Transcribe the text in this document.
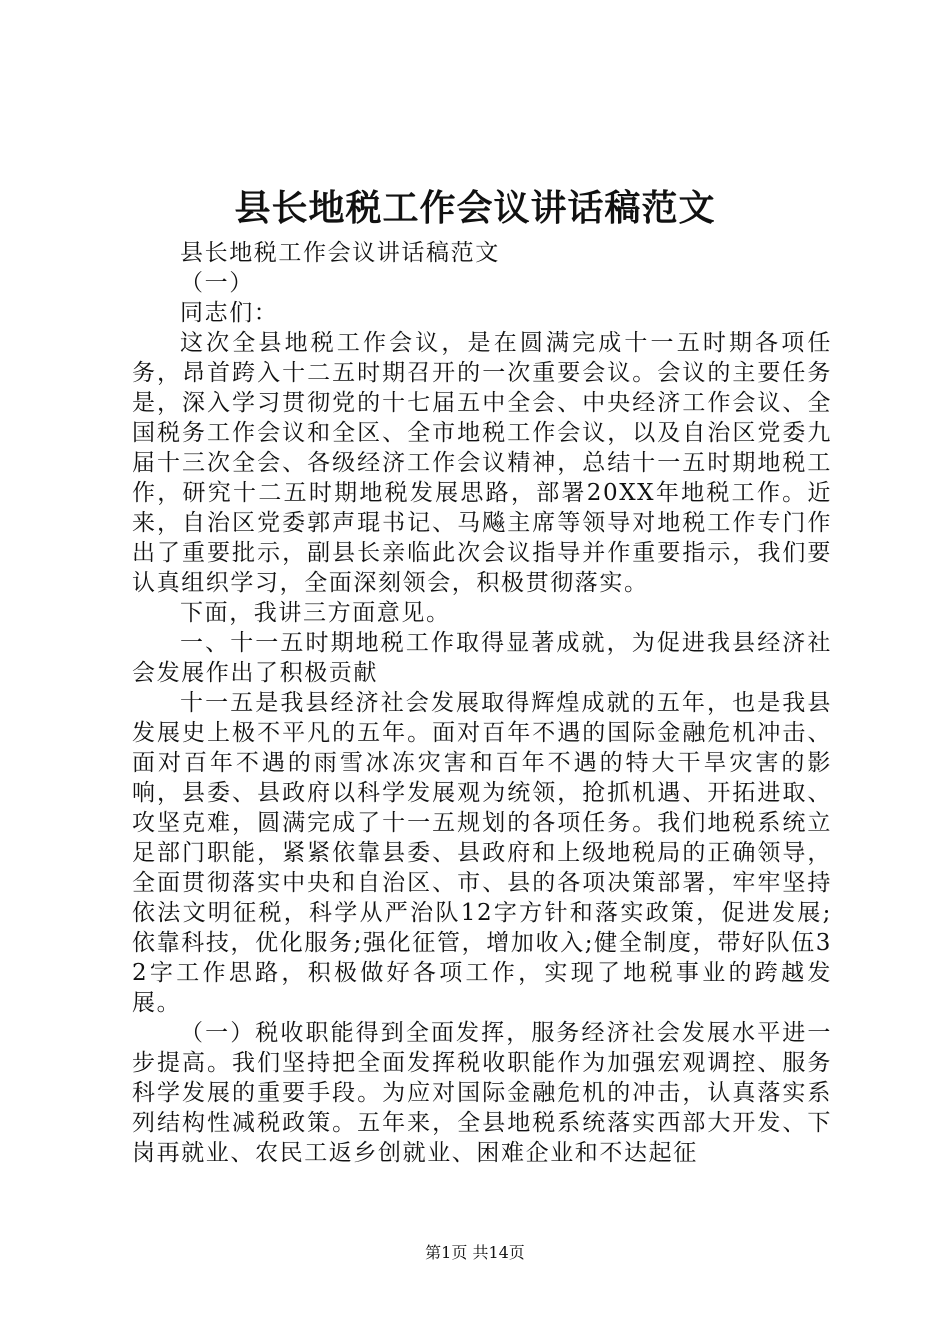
县长地税工作会议讲话稿范文

县长地税工作会议讲话稿范文

（一）

同志们：

这次全县地税工作会议，是在圆满完成十一五时期各项任务，昂首跨入十二五时期召开的一次重要会议。会议的主要任务是，深入学习贯彻党的十七届五中全会、中央经济工作会议、全国税务工作会议和全区、全市地税工作会议，以及自治区党委九届十三次全会、各级经济工作会议精神，总结十一五时期地税工作，研究十二五时期地税发展思路，部署20XX年地税工作。近来，自治区党委郭声琨书记、马飚主席等领导对地税工作专门作出了重要批示，副县长亲临此次会议指导并作重要指示，我们要认真组织学习，全面深刻领会，积极贯彻落实。

下面，我讲三方面意见。

一、十一五时期地税工作取得显著成就，为促进我县经济社会发展作出了积极贡献

十一五是我县经济社会发展取得辉煌成就的五年，也是我县发展史上极不平凡的五年。面对百年不遇的国际金融危机冲击、面对百年不遇的雨雪冰冻灾害和百年不遇的特大干旱灾害的影响，县委、县政府以科学发展观为统领，抢抓机遇、开拓进取、攻坚克难，圆满完成了十一五规划的各项任务。我们地税系统立足部门职能，紧紧依靠县委、县政府和上级地税局的正确领导，全面贯彻落实中央和自治区、市、县的各项决策部署，牢牢坚持依法文明征税，科学从严治队12字方针和落实政策，促进发展;依靠科技，优化服务;强化征管，增加收入;健全制度，带好队伍32字工作思路，积极做好各项工作，实现了地税事业的跨越发展。

（一）税收职能得到全面发挥，服务经济社会发展水平进一步提高。我们坚持把全面发挥税收职能作为加强宏观调控、服务科学发展的重要手段。为应对国际金融危机的冲击，认真落实系列结构性减税政策。五年来，全县地税系统落实西部大开发、下岗再就业、农民工返乡创就业、困难企业和不达起征

第1页 共14页
